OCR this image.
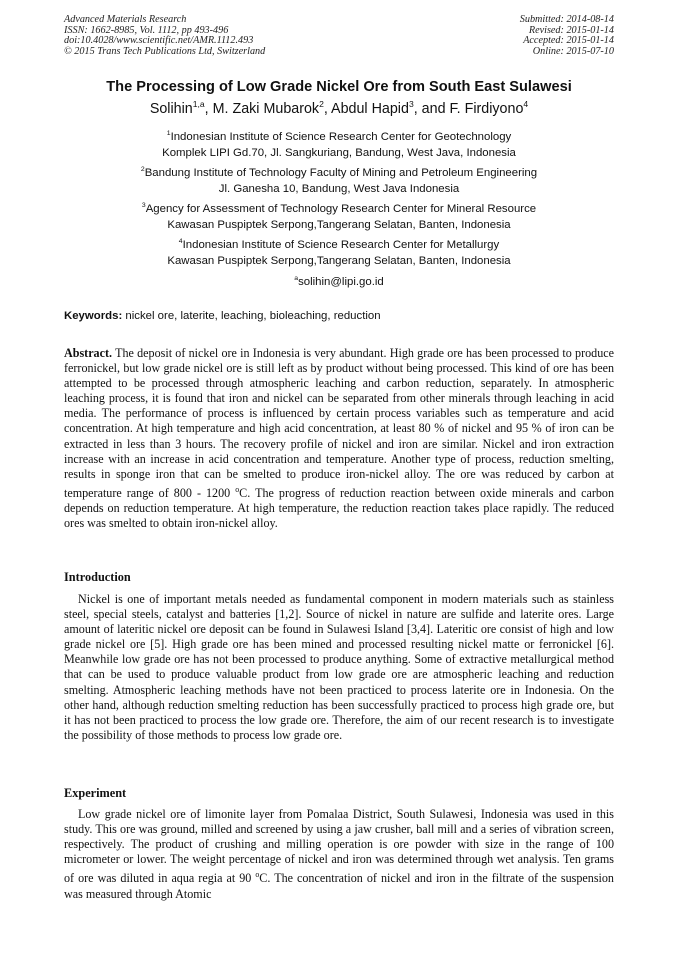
Advanced Materials Research
ISSN: 1662-8985, Vol. 1112, pp 493-496
doi:10.4028/www.scientific.net/AMR.1112.493
© 2015 Trans Tech Publications Ltd, Switzerland
Submitted: 2014-08-14
Revised: 2015-01-14
Accepted: 2015-01-14
Online: 2015-07-10
The Processing of Low Grade Nickel Ore from South East Sulawesi
Solihin$^{1,a}$, M. Zaki Mubarok$^2$, Abdul Hapid$^3$, and F. Firdiyono$^4$
$^1$Indonesian Institute of Science Research Center for Geotechnology
Komplek LIPI Gd.70, Jl. Sangkuriang, Bandung, West Java, Indonesia
$^2$Bandung Institute of Technology Faculty of Mining and Petroleum Engineering
Jl. Ganesha 10, Bandung, West Java Indonesia
$^3$Agency for Assessment of Technology Research Center for Mineral Resource
Kawasan Puspiptek Serpong,Tangerang Selatan, Banten, Indonesia
$^4$Indonesian Institute of Science Research Center for Metallurgy
Kawasan Puspiptek Serpong,Tangerang Selatan, Banten, Indonesia
$^a$solihin@lipi.go.id
Keywords: nickel ore, laterite, leaching, bioleaching, reduction
Abstract. The deposit of nickel ore in Indonesia is very abundant. High grade ore has been processed to produce ferronickel, but low grade nickel ore is still left as by product without being processed. This kind of ore has been attempted to be processed through atmospheric leaching and carbon reduction, separately. In atmospheric leaching process, it is found that iron and nickel can be separated from other minerals through leaching in acid media. The performance of process is influenced by certain process variables such as temperature and acid concentration. At high temperature and high acid concentration, at least 80 % of nickel and 95 % of iron can be extracted in less than 3 hours. The recovery profile of nickel and iron are similar. Nickel and iron extraction increase with an increase in acid concentration and temperature. Another type of process, reduction smelting, results in sponge iron that can be smelted to produce iron-nickel alloy. The ore was reduced by carbon at temperature range of 800 - 1200 $^o$C. The progress of reduction reaction between oxide minerals and carbon depends on reduction temperature. At high temperature, the reduction reaction takes place rapidly. The reduced ores was smelted to obtain iron-nickel alloy.
Introduction
Nickel is one of important metals needed as fundamental component in modern materials such as stainless steel, special steels, catalyst and batteries [1,2]. Source of nickel in nature are sulfide and laterite ores. Large amount of lateritic nickel ore deposit can be found in Sulawesi Island [3,4]. Lateritic ore consist of high and low grade nickel ore [5]. High grade ore has been mined and processed resulting nickel matte or ferronickel [6]. Meanwhile low grade ore has not been processed to produce anything. Some of extractive metallurgical method that can be used to produce valuable product from low grade ore are atmospheric leaching and reduction smelting. Atmospheric leaching methods have not been practiced to process laterite ore in Indonesia. On the other hand, although reduction smelting reduction has been successfully practiced to process high grade ore, but it has not been practiced to process the low grade ore. Therefore, the aim of our recent research is to investigate the possibility of those methods to process low grade ore.
Experiment
Low grade nickel ore of limonite layer from Pomalaa District, South Sulawesi, Indonesia was used in this study. This ore was ground, milled and screened by using a jaw crusher, ball mill and a series of vibration screen, respectively. The product of crushing and milling operation is ore powder with size in the range of 100 micrometer or lower. The weight percentage of nickel and iron was determined through wet analysis. Ten grams of ore was diluted in aqua regia at 90 $^o$C. The concentration of nickel and iron in the filtrate of the suspension was measured through Atomic
